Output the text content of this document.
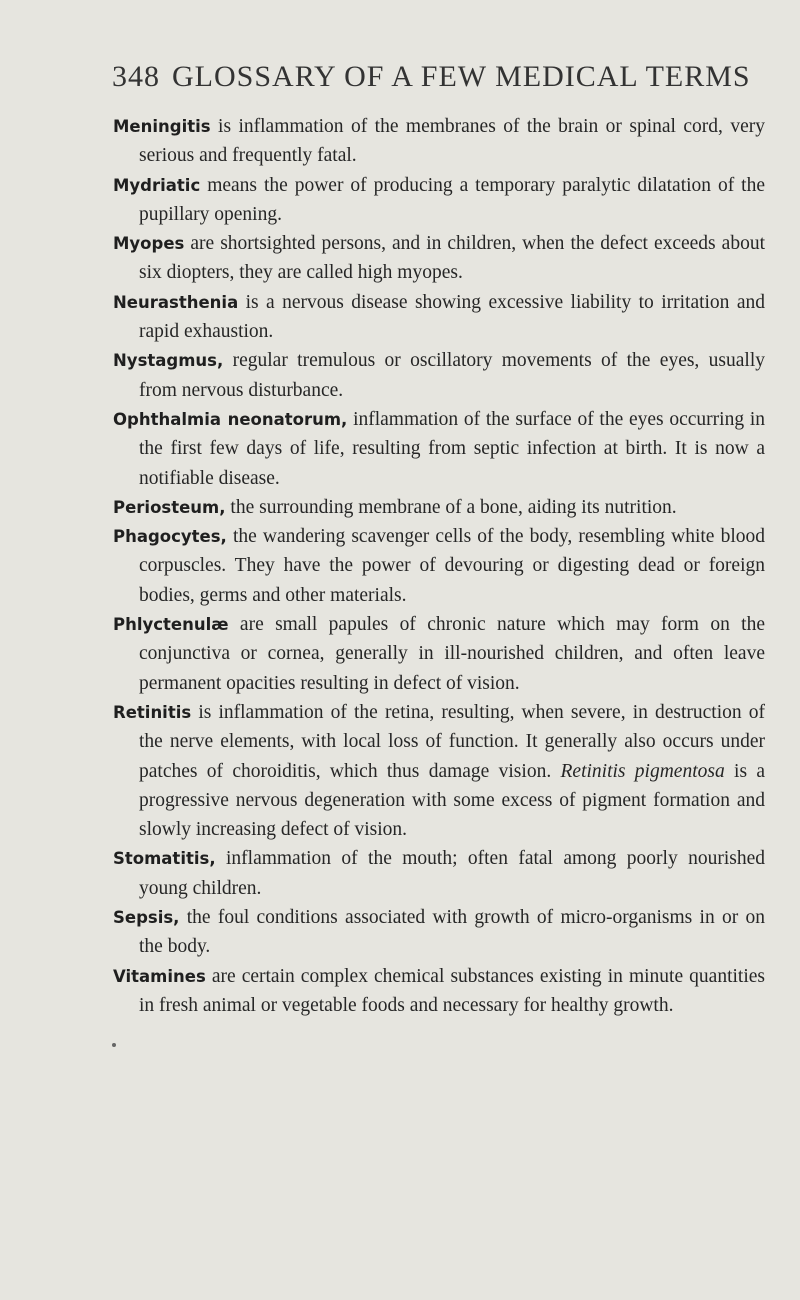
348 GLOSSARY OF A FEW MEDICAL TERMS

Meningitis is inflammation of the membranes of the brain or spinal cord, very serious and frequently fatal.

Mydriatic means the power of producing a temporary paralytic dilatation of the pupillary opening.

Myopes are shortsighted persons, and in children, when the defect exceeds about six diopters, they are called high myopes.

Neurasthenia is a nervous disease showing excessive liability to irritation and rapid exhaustion.

Nystagmus, regular tremulous or oscillatory movements of the eyes, usually from nervous disturbance.

Ophthalmia neonatorum, inflammation of the surface of the eyes occurring in the first few days of life, resulting from septic infection at birth. It is now a notifiable disease.

Periosteum, the surrounding membrane of a bone, aiding its nutrition.

Phagocytes, the wandering scavenger cells of the body, resembling white blood corpuscles. They have the power of devouring or digesting dead or foreign bodies, germs and other materials.

Phlyctenulæ are small papules of chronic nature which may form on the conjunctiva or cornea, generally in ill-nourished children, and often leave permanent opacities resulting in defect of vision.

Retinitis is inflammation of the retina, resulting, when severe, in destruction of the nerve elements, with local loss of function. It generally also occurs under patches of choroiditis, which thus damage vision. Retinitis pigmentosa is a progressive nervous degeneration with some excess of pigment formation and slowly increasing defect of vision.

Stomatitis, inflammation of the mouth; often fatal among poorly nourished young children.

Sepsis, the foul conditions associated with growth of micro-organisms in or on the body.

Vitamines are certain complex chemical substances existing in minute quantities in fresh animal or vegetable foods and necessary for healthy growth.
